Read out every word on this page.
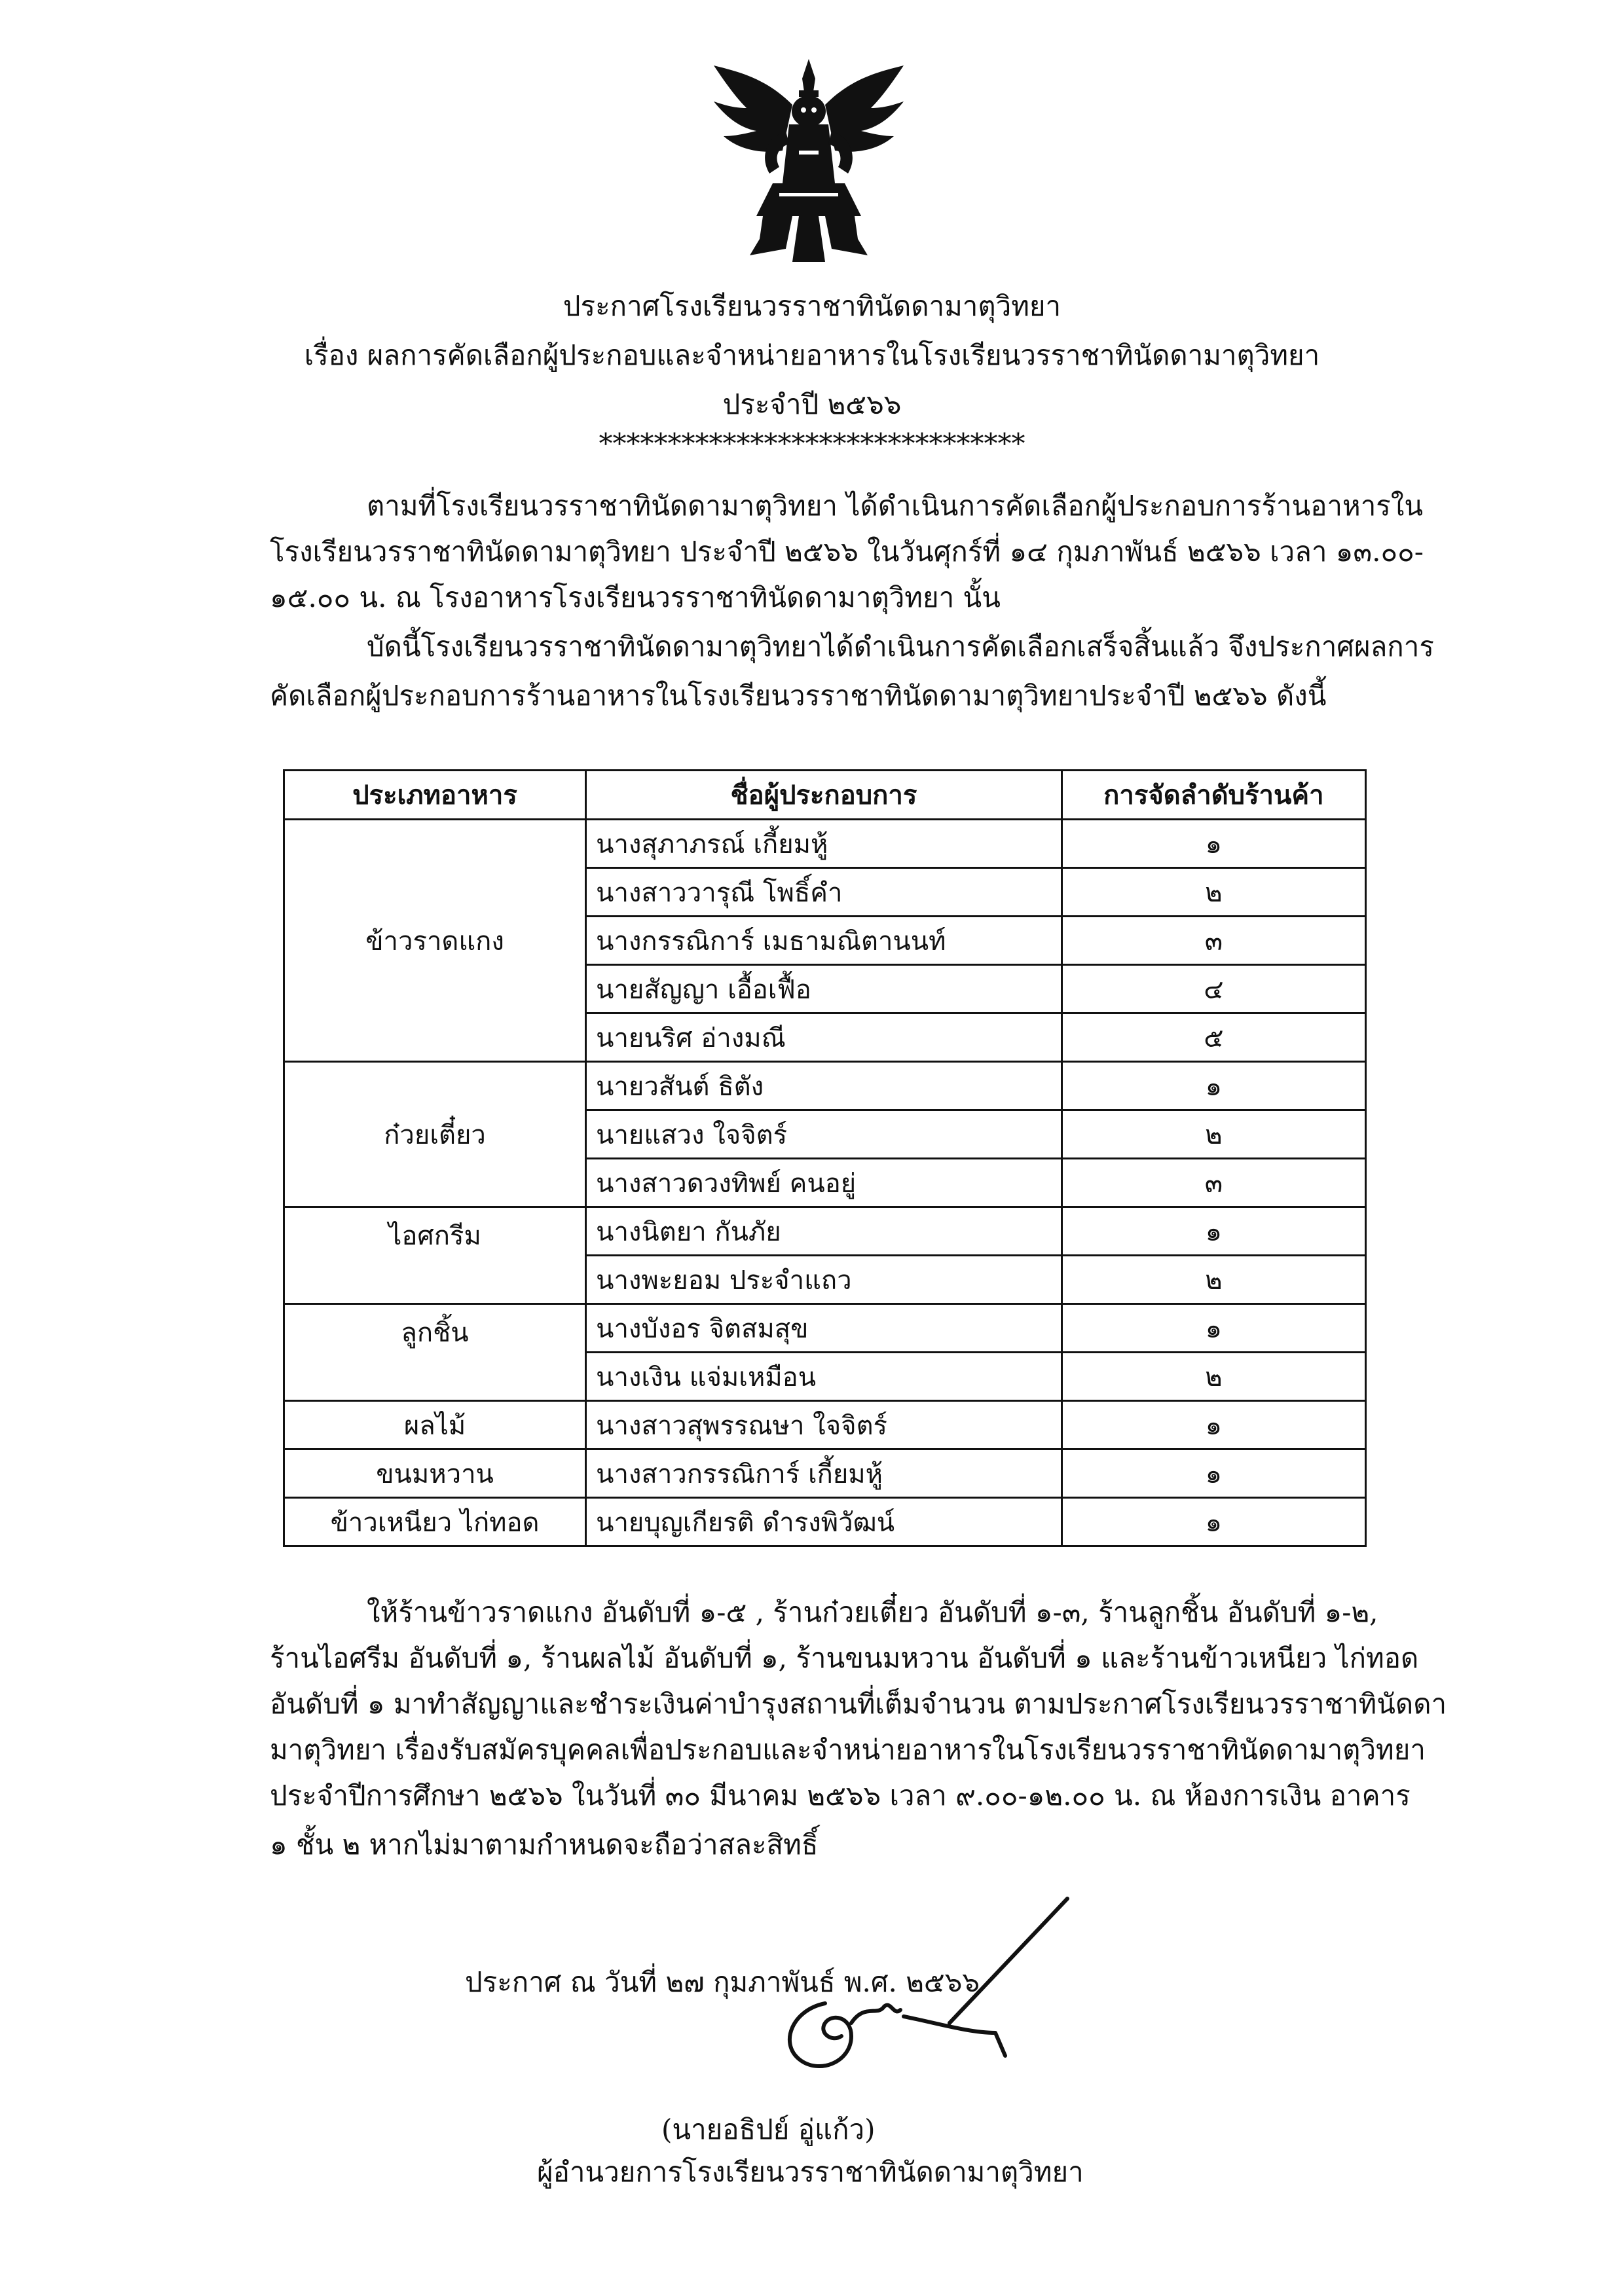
ประกาศโรงเรียนวรราชาทินัดดามาตุวิทยา
เรื่อง ผลการคัดเลือกผู้ประกอบและจำหน่ายอาหารในโรงเรียนวรราชาทินัดดามาตุวิทยา
ประจำปี ๒๕๖๖
*******************************
ตามที่โรงเรียนวรราชาทินัดดามาตุวิทยา ได้ดำเนินการคัดเลือกผู้ประกอบการร้านอาหารใน
โรงเรียนวรราชาทินัดดามาตุวิทยา ประจำปี ๒๕๖๖ ในวันศุกร์ที่ ๑๔ กุมภาพันธ์ ๒๕๖๖ เวลา ๑๓.๐๐-
๑๕.๐๐ น. ณ โรงอาหารโรงเรียนวรราชาทินัดดามาตุวิทยา นั้น
บัดนี้โรงเรียนวรราชาทินัดดามาตุวิทยาได้ดำเนินการคัดเลือกเสร็จสิ้นแล้ว จึงประกาศผลการ
คัดเลือกผู้ประกอบการร้านอาหารในโรงเรียนวรราชาทินัดดามาตุวิทยาประจำปี ๒๕๖๖ ดังนี้
ประเภทอาหาร	ชื่อผู้ประกอบการ	การจัดลำดับร้านค้า
ข้าวราดแกง	นางสุภาภรณ์ เกี้ยมหู้	๑
	นางสาววารุณี โพธิ์คำ	๒
	นางกรรณิการ์ เมธามณิตานนท์	๓
	นายสัญญา เอื้อเฟื้อ	๔
	นายนริศ อ่างมณี	๕
ก๋วยเตี๋ยว	นายวสันต์ ธิตัง	๑
	นายแสวง ใจจิตร์	๒
	นางสาวดวงทิพย์ คนอยู่	๓
ไอศกรีม	นางนิตยา กันภัย	๑
	นางพะยอม ประจำแถว	๒
ลูกชิ้น	นางบังอร จิตสมสุข	๑
	นางเงิน แจ่มเหมือน	๒
ผลไม้	นางสาวสุพรรณษา ใจจิตร์	๑
ขนมหวาน	นางสาวกรรณิการ์ เกี้ยมหู้	๑
ข้าวเหนียว ไก่ทอด	นายบุญเกียรติ ดำรงพิวัฒน์	๑
ให้ร้านข้าวราดแกง อันดับที่ ๑-๕ , ร้านก๋วยเตี๋ยว อันดับที่ ๑-๓, ร้านลูกชิ้น อันดับที่ ๑-๒,
ร้านไอศรีม อันดับที่ ๑, ร้านผลไม้ อันดับที่ ๑, ร้านขนมหวาน อันดับที่ ๑ และร้านข้าวเหนียว ไก่ทอด
อันดับที่ ๑ มาทำสัญญาและชำระเงินค่าบำรุงสถานที่เต็มจำนวน ตามประกาศโรงเรียนวรราชาทินัดดา
มาตุวิทยา เรื่องรับสมัครบุคคลเพื่อประกอบและจำหน่ายอาหารในโรงเรียนวรราชาทินัดดามาตุวิทยา
ประจำปีการศึกษา ๒๕๖๖ ในวันที่ ๓๐ มีนาคม ๒๕๖๖ เวลา ๙.๐๐-๑๒.๐๐ น. ณ ห้องการเงิน อาคาร
๑ ชั้น ๒ หากไม่มาตามกำหนดจะถือว่าสละสิทธิ์
ประกาศ ณ วันที่ ๒๗ กุมภาพันธ์ พ.ศ. ๒๕๖๖
(นายอธิปย์ อู่แก้ว)
ผู้อำนวยการโรงเรียนวรราชาทินัดดามาตุวิทยา
